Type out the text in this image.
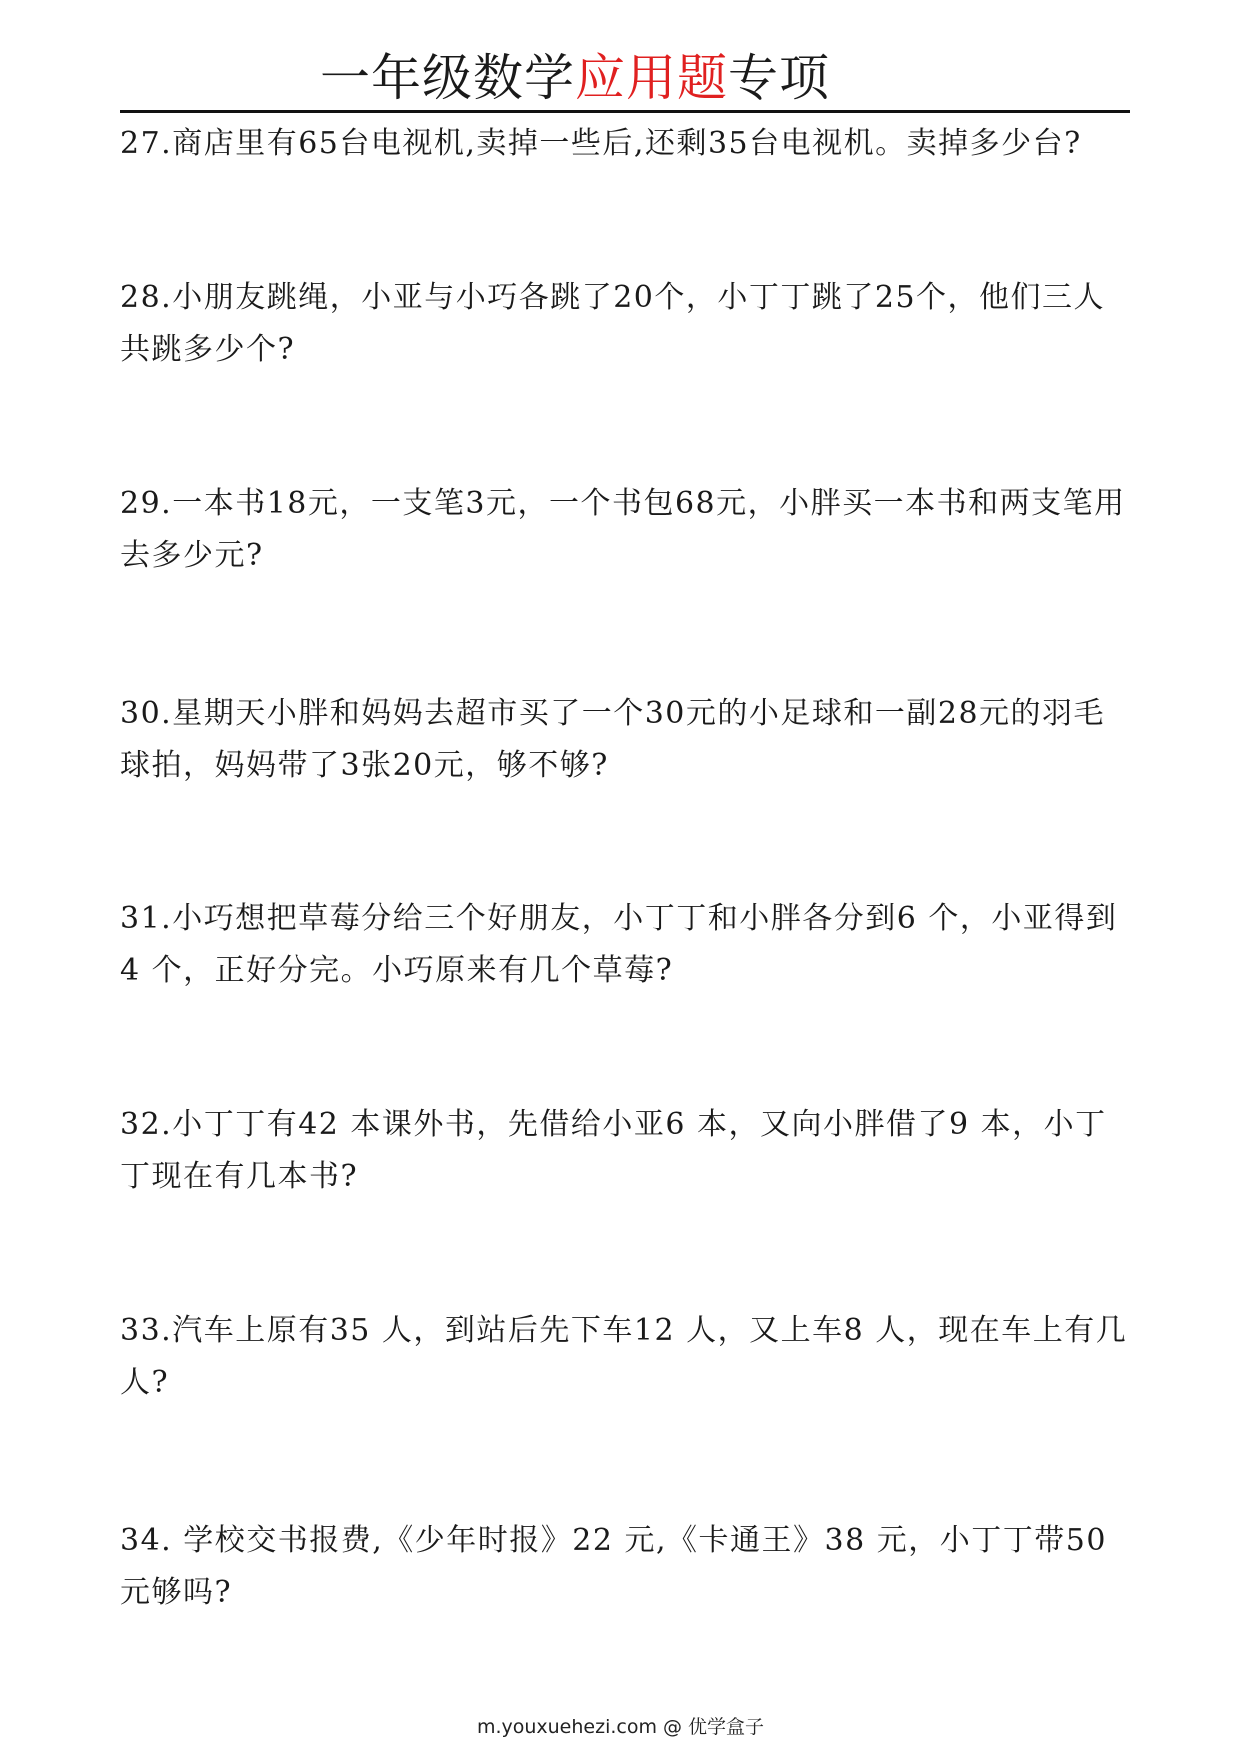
一年级数学应用题专项

27.商店里有65台电视机,卖掉一些后,还剩35台电视机。卖掉多少台?

28.小朋友跳绳，小亚与小巧各跳了20个，小丁丁跳了25个，他们三人共跳多少个?

29.一本书18元，一支笔3元，一个书包68元，小胖买一本书和两支笔用去多少元?

30.星期天小胖和妈妈去超市买了一个30元的小足球和一副28元的羽毛球拍，妈妈带了3张20元，够不够?

31.小巧想把草莓分给三个好朋友，小丁丁和小胖各分到6 个，小亚得到4 个，正好分完。小巧原来有几个草莓?

32.小丁丁有42 本课外书，先借给小亚6 本，又向小胖借了9 本，小丁丁现在有几本书?

33.汽车上原有35 人，到站后先下车12 人，又上车8 人，现在车上有几人?

34. 学校交书报费,《少年时报》22 元,《卡通王》38 元，小丁丁带50 元够吗?

m.youxuehezi.com @ 优学盒子
